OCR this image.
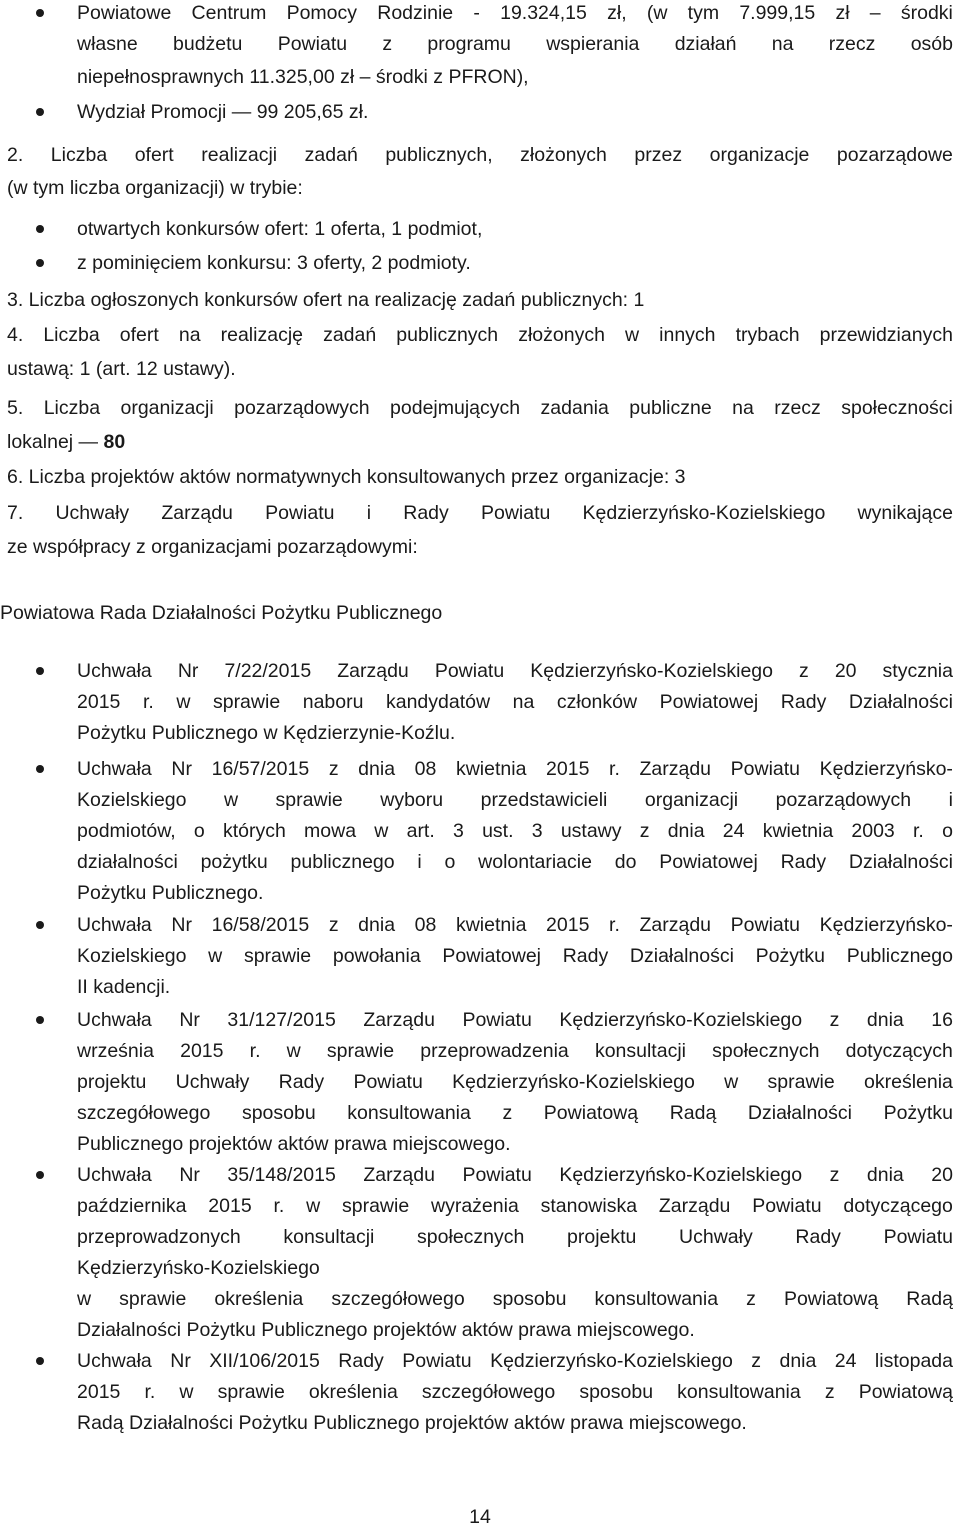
Powiatowe Centrum Pomocy Rodzinie - 19.324,15 zł, (w tym 7.999,15 zł – środki
własne budżetu Powiatu z programu wspierania działań na rzecz osób
niepełnosprawnych 11.325,00 zł – środki z PFRON),
Wydział Promocji — 99 205,65 zł.
2. Liczba ofert realizacji zadań publicznych, złożonych przez organizacje pozarządowe
(w tym liczba organizacji) w trybie:
otwartych konkursów ofert: 1 oferta, 1 podmiot,
z pominięciem konkursu: 3 oferty, 2 podmioty.
3. Liczba ogłoszonych konkursów ofert na realizację zadań publicznych: 1
4. Liczba ofert na realizację zadań publicznych złożonych w innych trybach przewidzianych
ustawą: 1 (art. 12 ustawy).
5. Liczba organizacji pozarządowych podejmujących zadania publiczne na rzecz społeczności
lokalnej — 80
6. Liczba projektów aktów normatywnych konsultowanych przez organizacje: 3
7. Uchwały Zarządu Powiatu i Rady Powiatu Kędzierzyńsko-Kozielskiego wynikające
ze współpracy z organizacjami pozarządowymi:
Powiatowa Rada Działalności Pożytku Publicznego
Uchwała Nr 7/22/2015 Zarządu Powiatu Kędzierzyńsko-Kozielskiego z 20 stycznia
2015 r. w sprawie naboru kandydatów na członków Powiatowej Rady Działalności
Pożytku Publicznego w Kędzierzynie-Koźlu.
Uchwała Nr 16/57/2015 z dnia 08 kwietnia 2015 r. Zarządu Powiatu Kędzierzyńsko-
Kozielskiego w sprawie wyboru przedstawicieli organizacji pozarządowych i
podmiotów, o których mowa w art. 3 ust. 3 ustawy z dnia 24 kwietnia 2003 r. o
działalności pożytku publicznego i o wolontariacie do Powiatowej Rady Działalności
Pożytku Publicznego.
Uchwała Nr 16/58/2015 z dnia 08 kwietnia 2015 r. Zarządu Powiatu Kędzierzyńsko-
Kozielskiego w sprawie powołania Powiatowej Rady Działalności Pożytku Publicznego
II kadencji.
Uchwała Nr 31/127/2015 Zarządu Powiatu Kędzierzyńsko-Kozielskiego z dnia 16
września 2015 r. w sprawie przeprowadzenia konsultacji społecznych dotyczących
projektu Uchwały Rady Powiatu Kędzierzyńsko-Kozielskiego w sprawie określenia
szczegółowego sposobu konsultowania z Powiatową Radą Działalności Pożytku
Publicznego projektów aktów prawa miejscowego.
Uchwała Nr 35/148/2015 Zarządu Powiatu Kędzierzyńsko-Kozielskiego z dnia 20
października 2015 r. w sprawie wyrażenia stanowiska Zarządu Powiatu dotyczącego
przeprowadzonych konsultacji społecznych projektu Uchwały Rady Powiatu
Kędzierzyńsko-Kozielskiego
w sprawie określenia szczegółowego sposobu konsultowania z Powiatową Radą
Działalności Pożytku Publicznego projektów aktów prawa miejscowego.
Uchwała Nr XII/106/2015 Rady Powiatu Kędzierzyńsko-Kozielskiego z dnia 24 listopada
2015 r. w sprawie określenia szczegółowego sposobu konsultowania z Powiatową
Radą Działalności Pożytku Publicznego projektów aktów prawa miejscowego.
14
